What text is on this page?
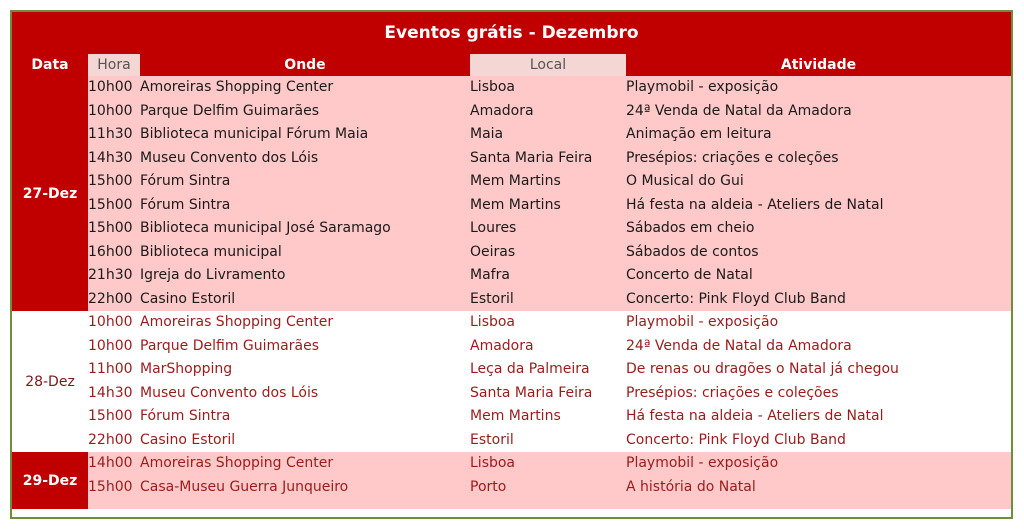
Eventos grátis - Dezembro
Data	Hora	Onde	Local	Atividade
27-Dez
10h00 Amoreiras Shopping Center	Lisboa	Playmobil - exposição
10h00 Parque Delfim Guimarães	Amadora	24ª Venda de Natal da Amadora
11h30 Biblioteca municipal Fórum Maia	Maia	Animação em leitura
14h30 Museu Convento dos Lóis	Santa Maria Feira	Presépios: criações e coleções
15h00 Fórum Sintra	Mem Martins	O Musical do Gui
15h00 Fórum Sintra	Mem Martins	Há festa na aldeia - Ateliers de Natal
15h00 Biblioteca municipal José Saramago	Loures	Sábados em cheio
16h00 Biblioteca municipal	Oeiras	Sábados de contos
21h30 Igreja do Livramento	Mafra	Concerto de Natal
22h00 Casino Estoril	Estoril	Concerto: Pink Floyd Club Band
28-Dez
10h00 Amoreiras Shopping Center	Lisboa	Playmobil - exposição
10h00 Parque Delfim Guimarães	Amadora	24ª Venda de Natal da Amadora
11h00 MarShopping	Leça da Palmeira	De renas ou dragões o Natal já chegou
14h30 Museu Convento dos Lóis	Santa Maria Feira	Presépios: criações e coleções
15h00 Fórum Sintra	Mem Martins	Há festa na aldeia - Ateliers de Natal
22h00 Casino Estoril	Estoril	Concerto: Pink Floyd Club Band
29-Dez
14h00 Amoreiras Shopping Center	Lisboa	Playmobil - exposição
15h00 Casa-Museu Guerra Junqueiro	Porto	A história do Natal
